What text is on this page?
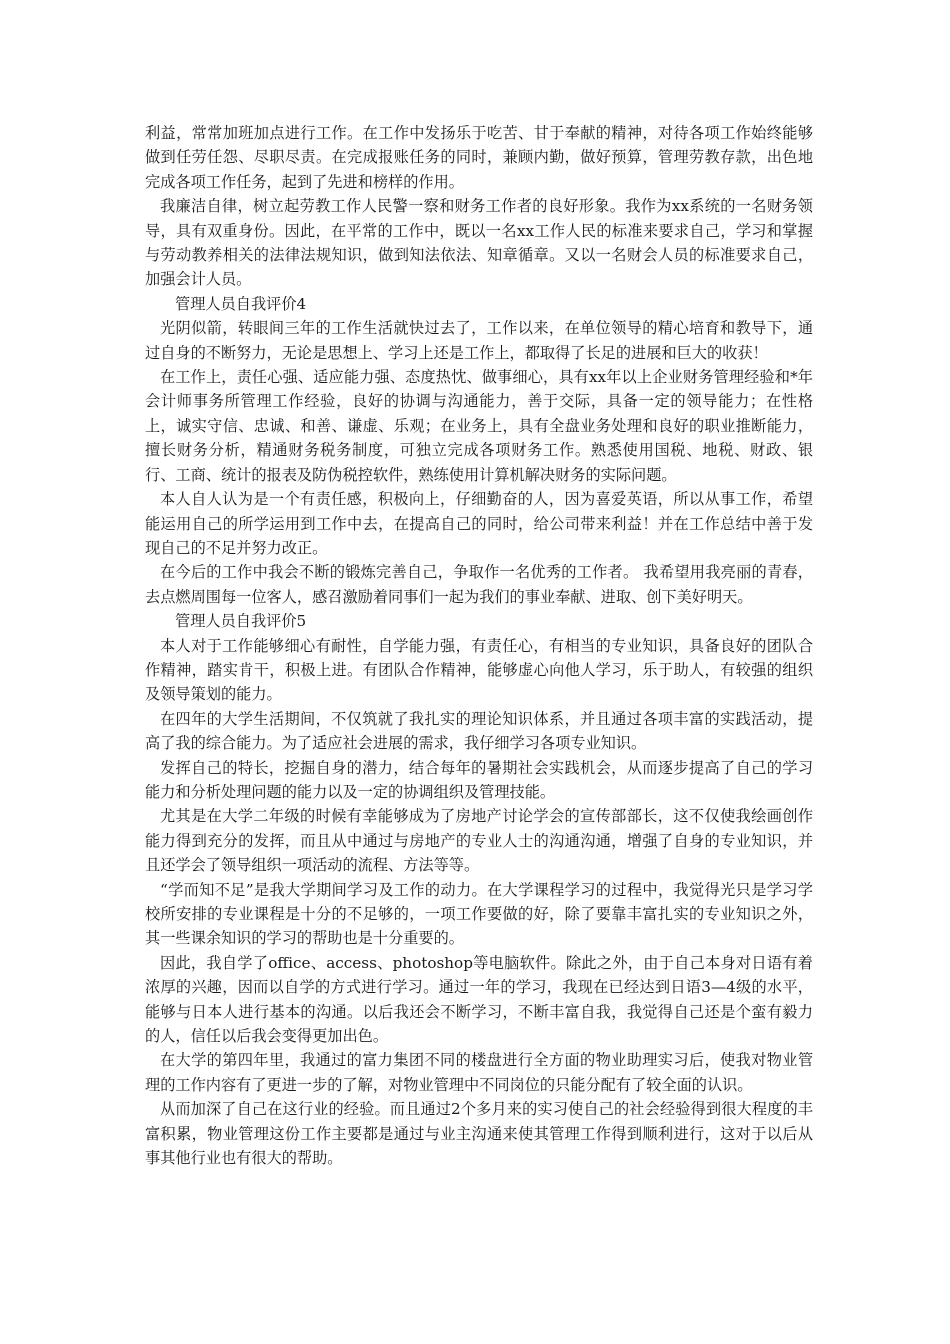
利益，常常加班加点进行工作。在工作中发扬乐于吃苦、甘于奉献的精神，对待各项工作始终能够做到任劳任怨、尽职尽责。在完成报账任务的同时，兼顾内勤，做好预算，管理劳教存款，出色地完成各项工作任务，起到了先进和榜样的作用。

我廉洁自律，树立起劳教工作人民警一察和财务工作者的良好形象。我作为xx系统的一名财务领导，具有双重身份。因此，在平常的工作中，既以一名xx工作人民的标准来要求自己，学习和掌握与劳动教养相关的法律法规知识，做到知法依法、知章循章。又以一名财会人员的标准要求自己，加强会计人员。

管理人员自我评价4

光阴似箭，转眼间三年的工作生活就快过去了，工作以来，在单位领导的精心培育和教导下，通过自身的不断努力，无论是思想上、学习上还是工作上，都取得了长足的进展和巨大的收获！

在工作上，责任心强、适应能力强、态度热忱、做事细心，具有xx年以上企业财务管理经验和*年会计师事务所管理工作经验，良好的协调与沟通能力，善于交际，具备一定的领导能力；在性格上，诚实守信、忠诚、和善、谦虚、乐观；在业务上，具有全盘业务处理和良好的职业推断能力，擅长财务分析，精通财务税务制度，可独立完成各项财务工作。熟悉使用国税、地税、财政、银行、工商、统计的报表及防伪税控软件，熟练使用计算机解决财务的实际问题。

本人自人认为是一个有责任感，积极向上，仔细勤奋的人，因为喜爱英语，所以从事工作，希望能运用自己的所学运用到工作中去，在提高自己的同时，给公司带来利益！并在工作总结中善于发现自己的不足并努力改正。

在今后的工作中我会不断的锻炼完善自己，争取作一名优秀的工作者。 我希望用我亮丽的青春，去点燃周围每一位客人，感召激励着同事们一起为我们的事业奉献、进取、创下美好明天。

管理人员自我评价5

本人对于工作能够细心有耐性，自学能力强，有责任心，有相当的专业知识，具备良好的团队合作精神，踏实肯干，积极上进。有团队合作精神，能够虚心向他人学习，乐于助人，有较强的组织及领导策划的能力。

在四年的大学生活期间，不仅筑就了我扎实的理论知识体系，并且通过各项丰富的实践活动，提高了我的综合能力。为了适应社会进展的需求，我仔细学习各项专业知识。

发挥自己的特长，挖掘自身的潜力，结合每年的暑期社会实践机会，从而逐步提高了自己的学习能力和分析处理问题的能力以及一定的协调组织及管理技能。

尤其是在大学二年级的时候有幸能够成为了房地产讨论学会的宣传部部长，这不仅使我绘画创作能力得到充分的发挥，而且从中通过与房地产的专业人士的沟通沟通，增强了自身的专业知识，并且还学会了领导组织一项活动的流程、方法等等。

“学而知不足”是我大学期间学习及工作的动力。在大学课程学习的过程中，我觉得光只是学习学校所安排的专业课程是十分的不足够的，一项工作要做的好，除了要靠丰富扎实的专业知识之外，其一些课余知识的学习的帮助也是十分重要的。

因此，我自学了office、access、photoshop等电脑软件。除此之外，由于自己本身对日语有着浓厚的兴趣，因而以自学的方式进行学习。通过一年的学习，我现在已经达到日语3—4级的水平，能够与日本人进行基本的沟通。以后我还会不断学习，不断丰富自我，我觉得自己还是个蛮有毅力的人，信任以后我会变得更加出色。

在大学的第四年里，我通过的富力集团不同的楼盘进行全方面的物业助理实习后，使我对物业管理的工作内容有了更进一步的了解，对物业管理中不同岗位的只能分配有了较全面的认识。

从而加深了自己在这行业的经验。而且通过2个多月来的实习使自己的社会经验得到很大程度的丰富积累，物业管理这份工作主要都是通过与业主沟通来使其管理工作得到顺利进行，这对于以后从事其他行业也有很大的帮助。
